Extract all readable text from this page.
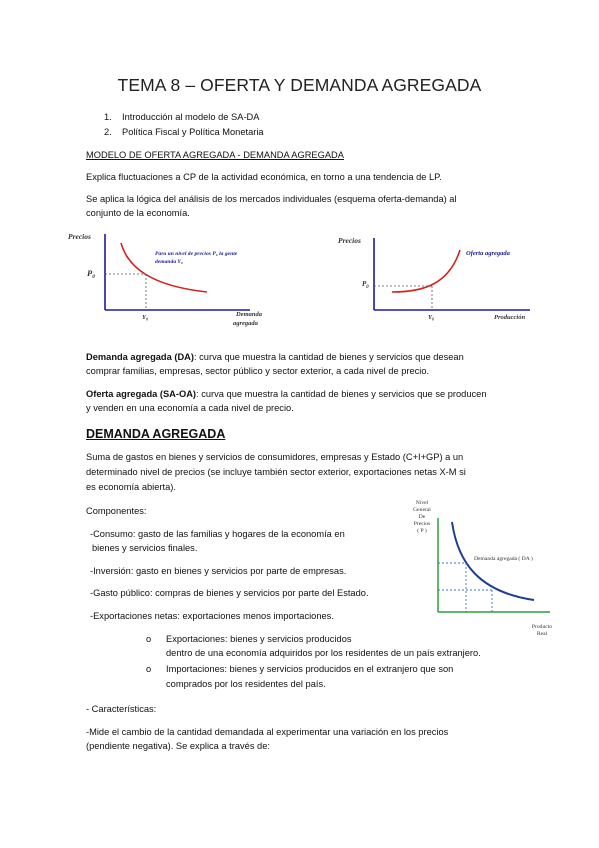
TEMA 8 – OFERTA Y DEMANDA AGREGADA
1. Introducción al modelo de SA-DA
2. Política Fiscal y Política Monetaria
MODELO DE OFERTA AGREGADA - DEMANDA AGREGADA
Explica fluctuaciones a CP de la actividad económica, en torno a una tendencia de LP.
Se aplica la lógica del análisis de los mercados individuales (esquema oferta-demanda) al
conjunto de la economía.
Precios
$P_0$
Para un nivel de precios P₀ la gente
demanda Y₀
Y₀	Demanda
agregada
Precios
$P_0$
Oferta agregada
Y₀	Producción
Demanda agregada (DA): curva que muestra la cantidad de bienes y servicios que desean
comprar familias, empresas, sector público y sector exterior, a cada nivel de precio.
Oferta agregada (SA-OA): curva que muestra la cantidad de bienes y servicios que se producen
y venden en una economía a cada nivel de precio.
DEMANDA AGREGADA
Suma de gastos en bienes y servicios de consumidores, empresas y Estado (C+I+GP) a un
determinado nivel de precios (se incluye también sector exterior, exportaciones netas X-M si
es economía abierta).
Componentes:
-Consumo: gasto de las familias y hogares de la economía en
bienes y servicios finales.
-Inversión: gasto en bienes y servicios por parte de empresas.
-Gasto público: compras de bienes y servicios por parte del Estado.
-Exportaciones netas: exportaciones menos importaciones.
o Exportaciones: bienes y servicios producidos
dentro de una economía adquiridos por los residentes de un país extranjero.
o Importaciones: bienes y servicios producidos en el extranjero que son
comprados por los residentes del país.
Nivel
General
De
Precios
( P )
Demanda agregada ( DA )
Producto
Real
- Características:
-Mide el cambio de la cantidad demandada al experimentar una variación en los precios
(pendiente negativa). Se explica a través de:
